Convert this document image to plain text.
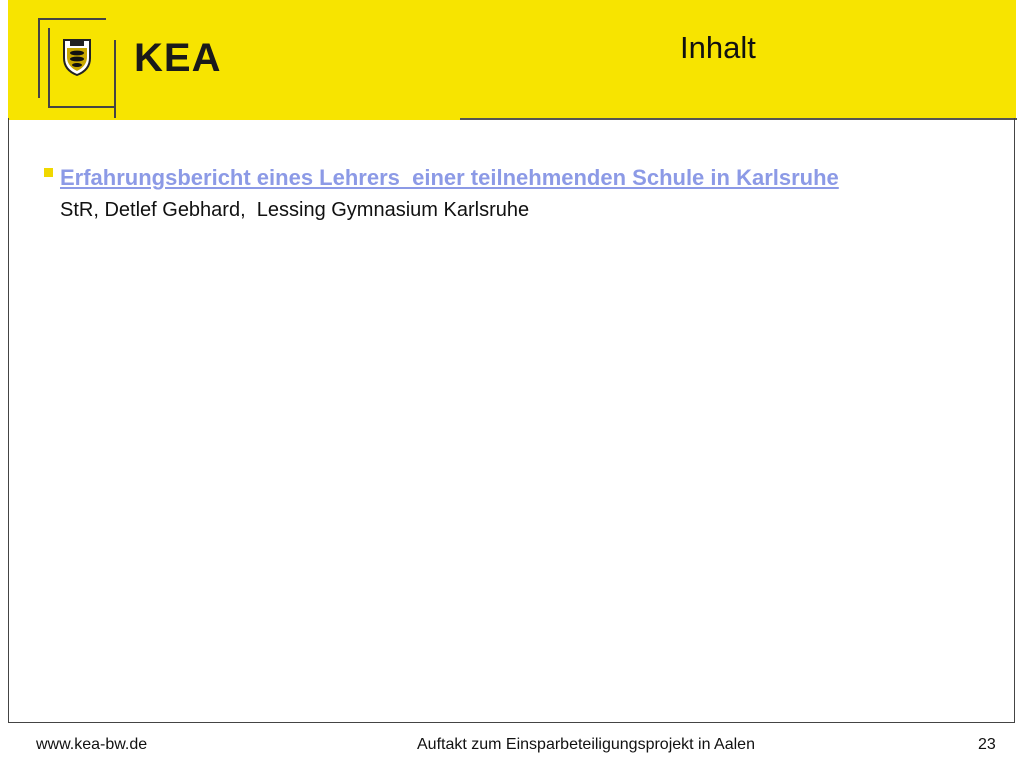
KEA	Inhalt
Erfahrungsbericht eines Lehrers  einer teilnehmenden Schule in Karlsruhe
StR, Detlef Gebhard,  Lessing Gymnasium Karlsruhe
www.kea-bw.de	Auftakt zum Einsparbeteiligungsprojekt in Aalen	23
